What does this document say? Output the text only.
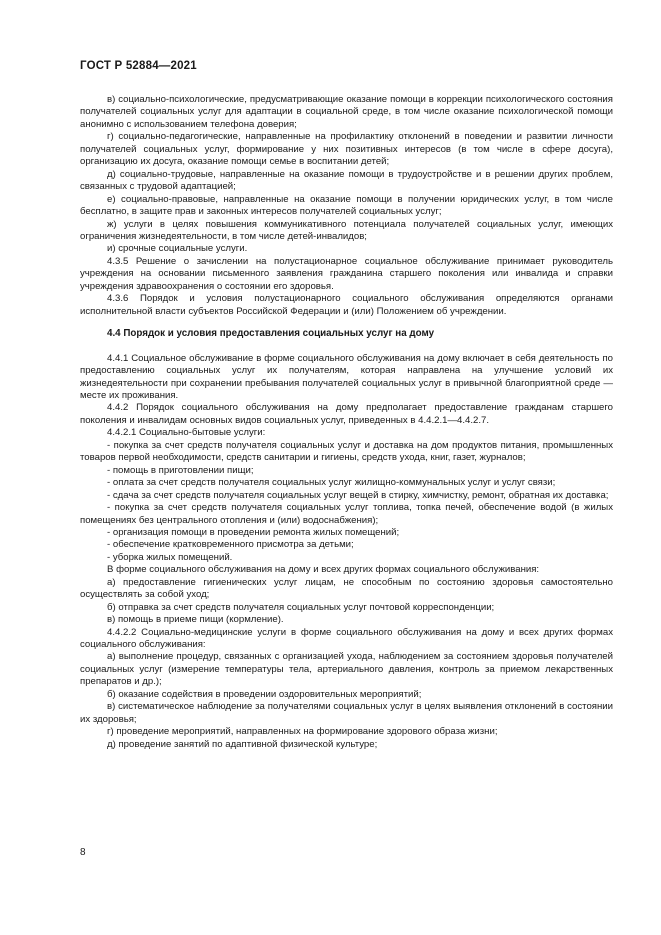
ГОСТ Р 52884—2021

в) социально-психологические, предусматривающие оказание помощи в коррекции психологического состояния получателей социальных услуг для адаптации в социальной среде, в том числе оказание психологической помощи анонимно с использованием телефона доверия;

г) социально-педагогические, направленные на профилактику отклонений в поведении и развитии личности получателей социальных услуг, формирование у них позитивных интересов (в том числе в сфере досуга), организацию их досуга, оказание помощи семье в воспитании детей;

д) социально-трудовые, направленные на оказание помощи в трудоустройстве и в решении других проблем, связанных с трудовой адаптацией;

е) социально-правовые, направленные на оказание помощи в получении юридических услуг, в том числе бесплатно, в защите прав и законных интересов получателей социальных услуг;

ж) услуги в целях повышения коммуникативного потенциала получателей социальных услуг, имеющих ограничения жизнедеятельности, в том числе детей-инвалидов;

и) срочные социальные услуги.

4.3.5 Решение о зачислении на полустационарное социальное обслуживание принимает руководитель учреждения на основании письменного заявления гражданина старшего поколения или инвалида и справки учреждения здравоохранения о состоянии его здоровья.

4.3.6 Порядок и условия полустационарного социального обслуживания определяются органами исполнительной власти субъектов Российской Федерации и (или) Положением об учреждении.

4.4 Порядок и условия предоставления социальных услуг на дому

4.4.1 Социальное обслуживание в форме социального обслуживания на дому включает в себя деятельность по предоставлению социальных услуг их получателям, которая направлена на улучшение условий их жизнедеятельности при сохранении пребывания получателей социальных услуг в привычной благоприятной среде — месте их проживания.

4.4.2 Порядок социального обслуживания на дому предполагает предоставление гражданам старшего поколения и инвалидам основных видов социальных услуг, приведенных в 4.4.2.1—4.4.2.7.

4.4.2.1 Социально-бытовые услуги:

- покупка за счет средств получателя социальных услуг и доставка на дом продуктов питания, промышленных товаров первой необходимости, средств санитарии и гигиены, средств ухода, книг, газет, журналов;

- помощь в приготовлении пищи;

- оплата за счет средств получателя социальных услуг жилищно-коммунальных услуг и услуг связи;

- сдача за счет средств получателя социальных услуг вещей в стирку, химчистку, ремонт, обратная их доставка;

- покупка за счет средств получателя социальных услуг топлива, топка печей, обеспечение водой (в жилых помещениях без центрального отопления и (или) водоснабжения);

- организация помощи в проведении ремонта жилых помещений;

- обеспечение кратковременного присмотра за детьми;

- уборка жилых помещений.

В форме социального обслуживания на дому и всех других формах социального обслуживания:

а) предоставление гигиенических услуг лицам, не способным по состоянию здоровья самостоятельно осуществлять за собой уход;

б) отправка за счет средств получателя социальных услуг почтовой корреспонденции;

в) помощь в приеме пищи (кормление).

4.4.2.2 Социально-медицинские услуги в форме социального обслуживания на дому и всех других формах социального обслуживания:

а) выполнение процедур, связанных с организацией ухода, наблюдением за состоянием здоровья получателей социальных услуг (измерение температуры тела, артериального давления, контроль за приемом лекарственных препаратов и др.);

б) оказание содействия в проведении оздоровительных мероприятий;

в) систематическое наблюдение за получателями социальных услуг в целях выявления отклонений в состоянии их здоровья;

г) проведение мероприятий, направленных на формирование здорового образа жизни;

д) проведение занятий по адаптивной физической культуре;

8
